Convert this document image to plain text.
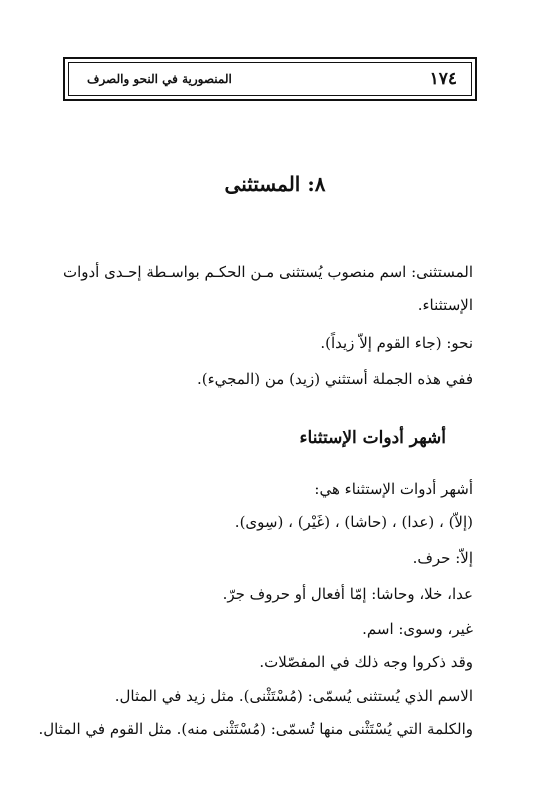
١٧٤
المنصورية في النحو والصرف
٨: المستثنى
المستثنى: اسم منصوب يُستثنى مـن الحكـم بواسـطة إحـدى أدوات
الإستثناء.
نحو: (جاء القوم إلاّ زيداً).
ففي هذه الجملة أستثني (زيد) من (المجيء).
أشهر أدوات الإستثناء
أشهر أدوات الإستثناء هي:
(إلاّ) ، (عدا) ، (حاشا) ، (غَيْر) ، (سِوى).
إلاّ: حرف.
عدا، خلا، وحاشا: إمّا أفعال أو حروف جرّ.
غير، وسوى: اسم.
وقد ذكروا وجه ذلك في المفصّلات.
الاسم الذي يُستثنى يُسمّى: (مُسْتَثْنى). مثل زيد في المثال.
والكلمة التي يُسْتَثْنى منها تُسمّى: (مُسْتَثْنى منه). مثل القوم في المثال.
